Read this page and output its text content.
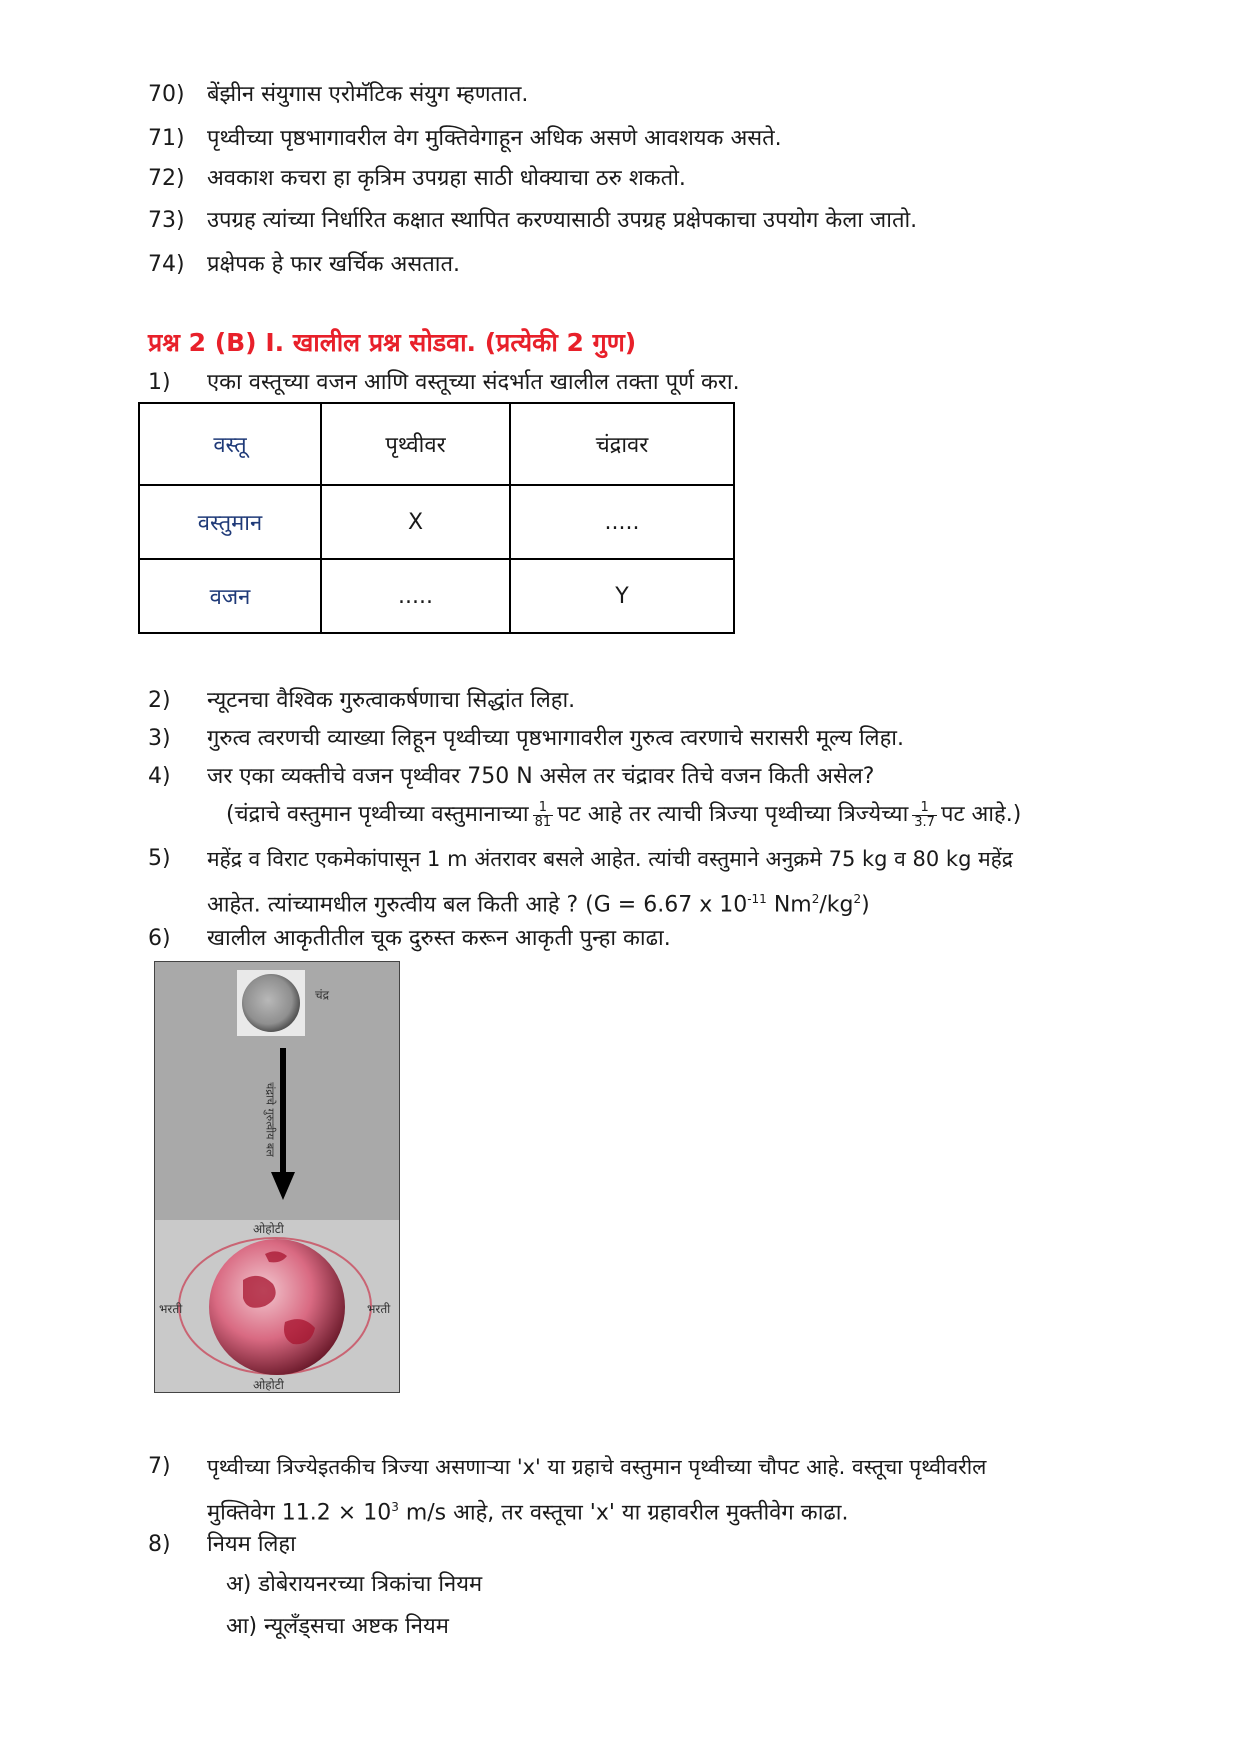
70) बेंझीन संयुगास एरोमॅटिक संयुग म्हणतात.
71) पृथ्वीच्या पृष्ठभागावरील वेग मुक्तिवेगाहून अधिक असणे आवशयक असते.
72) अवकाश कचरा हा कृत्रिम उपग्रहा साठी धोक्याचा ठरु शकतो.
73) उपग्रह त्यांच्या निर्धारित कक्षात स्थापित करण्यासाठी उपग्रह प्रक्षेपकाचा उपयोग केला जातो.
74) प्रक्षेपक हे फार खर्चिक असतात.
प्रश्न 2 (B) I. खालील प्रश्न सोडवा. (प्रत्येकी 2 गुण)
1) एका वस्तूच्या वजन आणि वस्तूच्या संदर्भात खालील तक्ता पूर्ण करा.
वस्तू	पृथ्वीवर	चंद्रावर
वस्तुमान	X	.....
वजन	.....	Y
2) न्यूटनचा वैश्विक गुरुत्वाकर्षणाचा सिद्धांत लिहा.
3) गुरुत्व त्वरणची व्याख्या लिहून पृथ्वीच्या पृष्ठभागावरील गुरुत्व त्वरणाचे सरासरी मूल्य लिहा.
4) जर एका व्यक्तीचे वजन पृथ्वीवर 750 N असेल तर चंद्रावर तिचे वजन किती असेल?
(चंद्राचे वस्तुमान पृथ्वीच्या वस्तुमानाच्या $\frac{1}{81}$ पट आहे तर त्याची त्रिज्या पृथ्वीच्या त्रिज्येच्या $\frac{1}{3.7}$ पट आहे.)
5) महेंद्र व विराट एकमेकांपासून 1 m अंतरावर बसले आहेत. त्यांची वस्तुमाने अनुक्रमे 75 kg व 80 kg महेंद्र
आहेत. त्यांच्यामधील गुरुत्वीय बल किती आहे ? (G = 6.67 x $10^{-11}$ $Nm^2/kg^2$)
6) खालील आकृतीतील चूक दुरुस्त करून आकृती पुन्हा काढा.
चंद्र
चंद्राचे गुरुत्वीय बल
ओहोटी
ओहोटी
भरती	भरती
7) पृथ्वीच्या त्रिज्येइतकीच त्रिज्या असणाऱ्या 'x' या ग्रहाचे वस्तुमान पृथ्वीच्या चौपट आहे. वस्तूचा पृथ्वीवरील
मुक्तिवेग $11.2 \times 10^3$ m/s आहे, तर वस्तूचा 'x' या ग्रहावरील मुक्तीवेग काढा.
8) नियम लिहा
अ) डोबेरायनरच्या त्रिकांचा नियम
आ) न्यूलँड्सचा अष्टक नियम
